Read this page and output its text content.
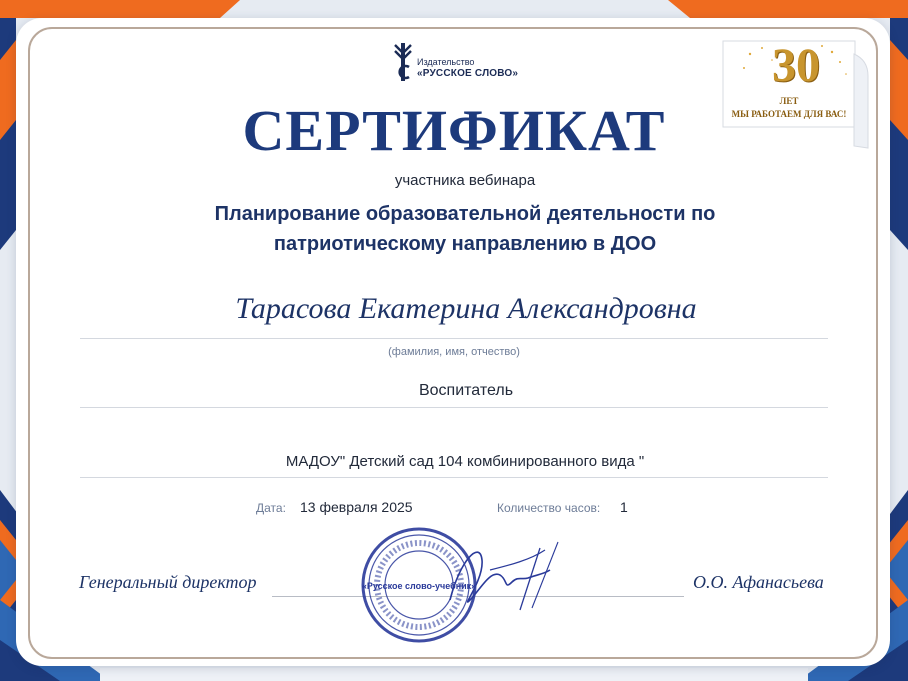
Издательство
«РУССКОЕ СЛОВО»	30
ЛЕТ
МЫ РАБОТАЕМ ДЛЯ ВАС!
СЕРТИФИКАТ
участника вебинара
Планирование образовательной деятельности по
патриотическому направлению в ДОО
Тарасова Екатерина Александровна
(фамилия, имя, отчество)
Воспитатель
МАДОУ" Детский сад 104 комбинированного вида "
Дата: 13 февраля 2025	Количество часов: 1
Генеральный директор	О.О. Афанасьева
«Русское слово-учебник»
